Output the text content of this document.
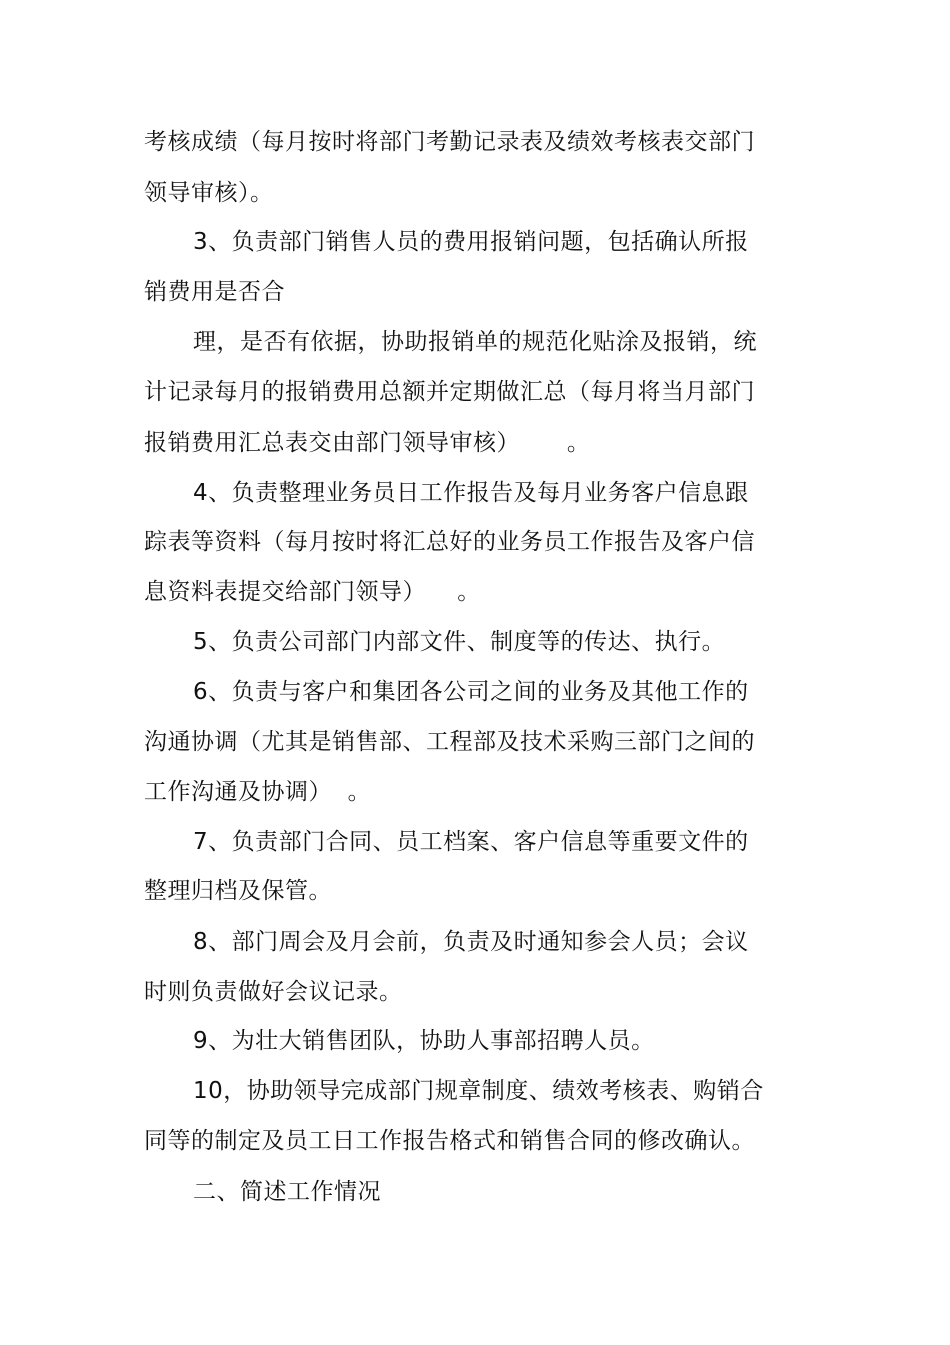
考核成绩（每月按时将部门考勤记录表及绩效考核表交部门
领导审核）。
3、负责部门销售人员的费用报销问题，包括确认所报
销费用是否合
理，是否有依据，协助报销单的规范化贴涂及报销，统
计记录每月的报销费用总额并定期做汇总（每月将当月部门
报销费用汇总表交由部门领导审核）      。
4、负责整理业务员日工作报告及每月业务客户信息跟
踪表等资料（每月按时将汇总好的业务员工作报告及客户信
息资料表提交给部门领导）    。
5、负责公司部门内部文件、制度等的传达、执行。
6、负责与客户和集团各公司之间的业务及其他工作的
沟通协调（尤其是销售部、工程部及技术采购三部门之间的
工作沟通及协调）  。
7、负责部门合同、员工档案、客户信息等重要文件的
整理归档及保管。
8、部门周会及月会前，负责及时通知参会人员；会议
时则负责做好会议记录。
9、为壮大销售团队，协助人事部招聘人员。
10，协助领导完成部门规章制度、绩效考核表、购销合
同等的制定及员工日工作报告格式和销售合同的修改确认。
二、简述工作情况
